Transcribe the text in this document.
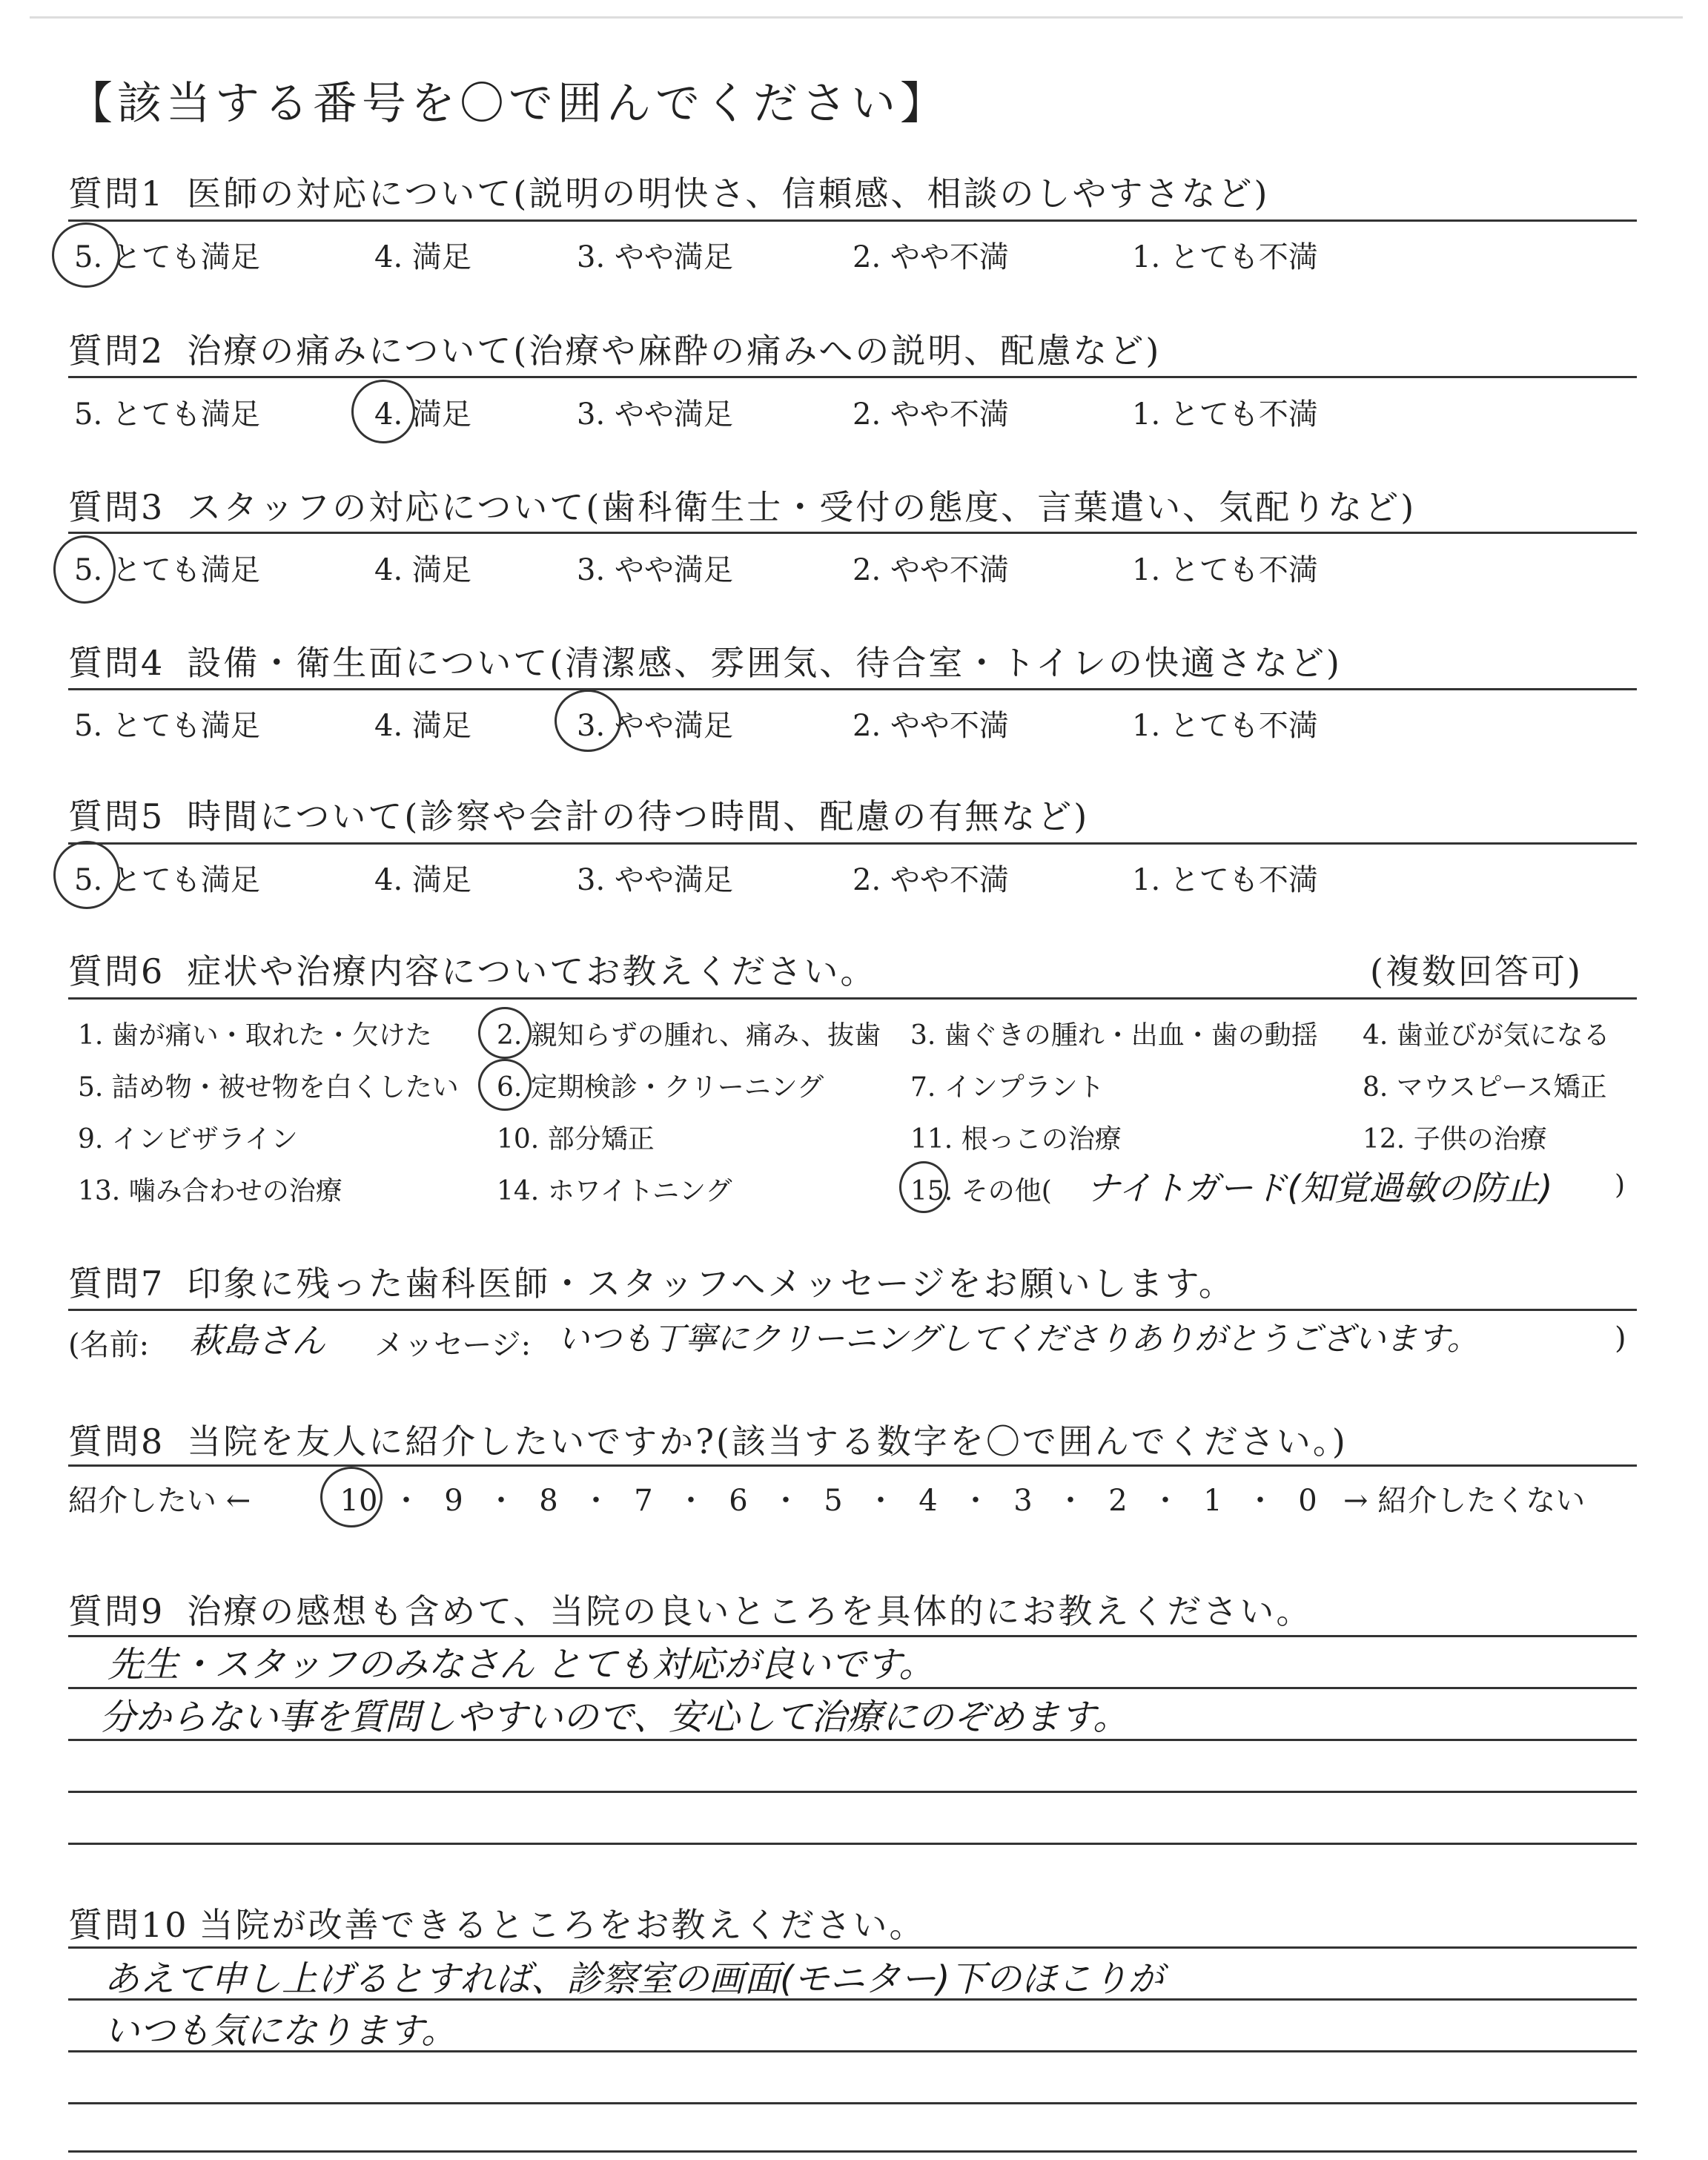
【該当する番号を〇で囲んでください】
質問1 医師の対応について(説明の明快さ、信頼感、相談のしやすさなど)
5. とても満足	4. 満足	3. やや満足	2. やや不満	1. とても不満
質問2 治療の痛みについて(治療や麻酔の痛みへの説明、配慮など)
5. とても満足	4. 満足	3. やや満足	2. やや不満	1. とても不満
質問3 スタッフの対応について(歯科衛生士・受付の態度、言葉遣い、気配りなど)
5. とても満足	4. 満足	3. やや満足	2. やや不満	1. とても不満
質問4 設備・衛生面について(清潔感、雰囲気、待合室・トイレの快適さなど)
5. とても満足	4. 満足	3. やや満足	2. やや不満	1. とても不満
質問5 時間について(診察や会計の待つ時間、配慮の有無など)
5. とても満足	4. 満足	3. やや満足	2. やや不満	1. とても不満
質問6 症状や治療内容についてお教えください。	(複数回答可)
1. 歯が痛い・取れた・欠けた 2. 親知らずの腫れ、痛み、抜歯 3. 歯ぐきの腫れ・出血・歯の動揺 4. 歯並びが気になる
5. 詰め物・被せ物を白くしたい 6. 定期検診・クリーニング	7. インプラント	8. マウスピース矯正
9. インビザライン	10. 部分矯正	11. 根っこの治療	12. 子供の治療
13. 噛み合わせの治療	14. ホワイトニング	15. その他( ナイトガード(知覚過敏の防止) )
質問7 印象に残った歯科医師・スタッフへメッセージをお願いします。
(名前: 萩島さん メッセージ: いつも丁寧にクリーニングしてくださりありがとうございます。	)
質問8 当院を友人に紹介したいですか?(該当する数字を〇で囲んでください。)
紹介したい ←	10 ・ 9 ・ 8 ・ 7 ・ 6 ・ 5 ・ 4 ・ 3 ・ 2 ・ 1 ・ 0 → 紹介したくない
質問9 治療の感想も含めて、当院の良いところを具体的にお教えください。
先生・スタッフのみなさん とても対応が良いです。
分からない事を質問しやすいので、安心して治療にのぞめます。
質問10 当院が改善できるところをお教えください。
あえて申し上げるとすれば、診察室の画面(モニター)下のほこりが
いつも気になります。
